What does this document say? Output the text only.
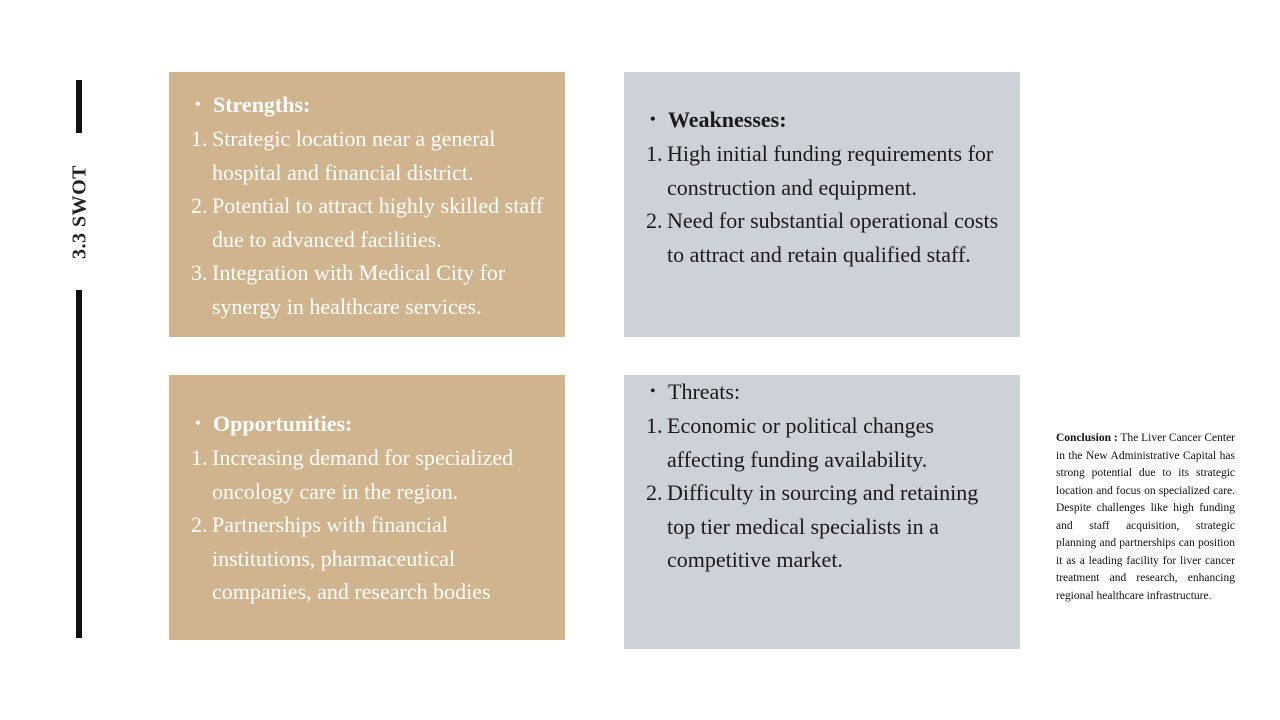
3.3 SWOT
• Strengths:
1. Strategic location near a general hospital and financial district.
2. Potential to attract highly skilled staff due to advanced facilities.
3. Integration with Medical City for synergy in healthcare services.
• Weaknesses:
1. High initial funding requirements for construction and equipment.
2. Need for substantial operational costs to attract and retain qualified staff.
• Opportunities:
1. Increasing demand for specialized oncology care in the region.
2. Partnerships with financial institutions, pharmaceutical companies, and research bodies
• Threats:
1. Economic or political changes affecting funding availability.
2. Difficulty in sourcing and retaining top tier medical specialists in a competitive market.
Conclusion : The Liver Cancer Center in the New Administrative Capital has strong potential due to its strategic location and focus on specialized care. Despite challenges like high funding and staff acquisition, strategic planning and partnerships can position it as a leading facility for liver cancer treatment and research, enhancing regional healthcare infrastructure.
